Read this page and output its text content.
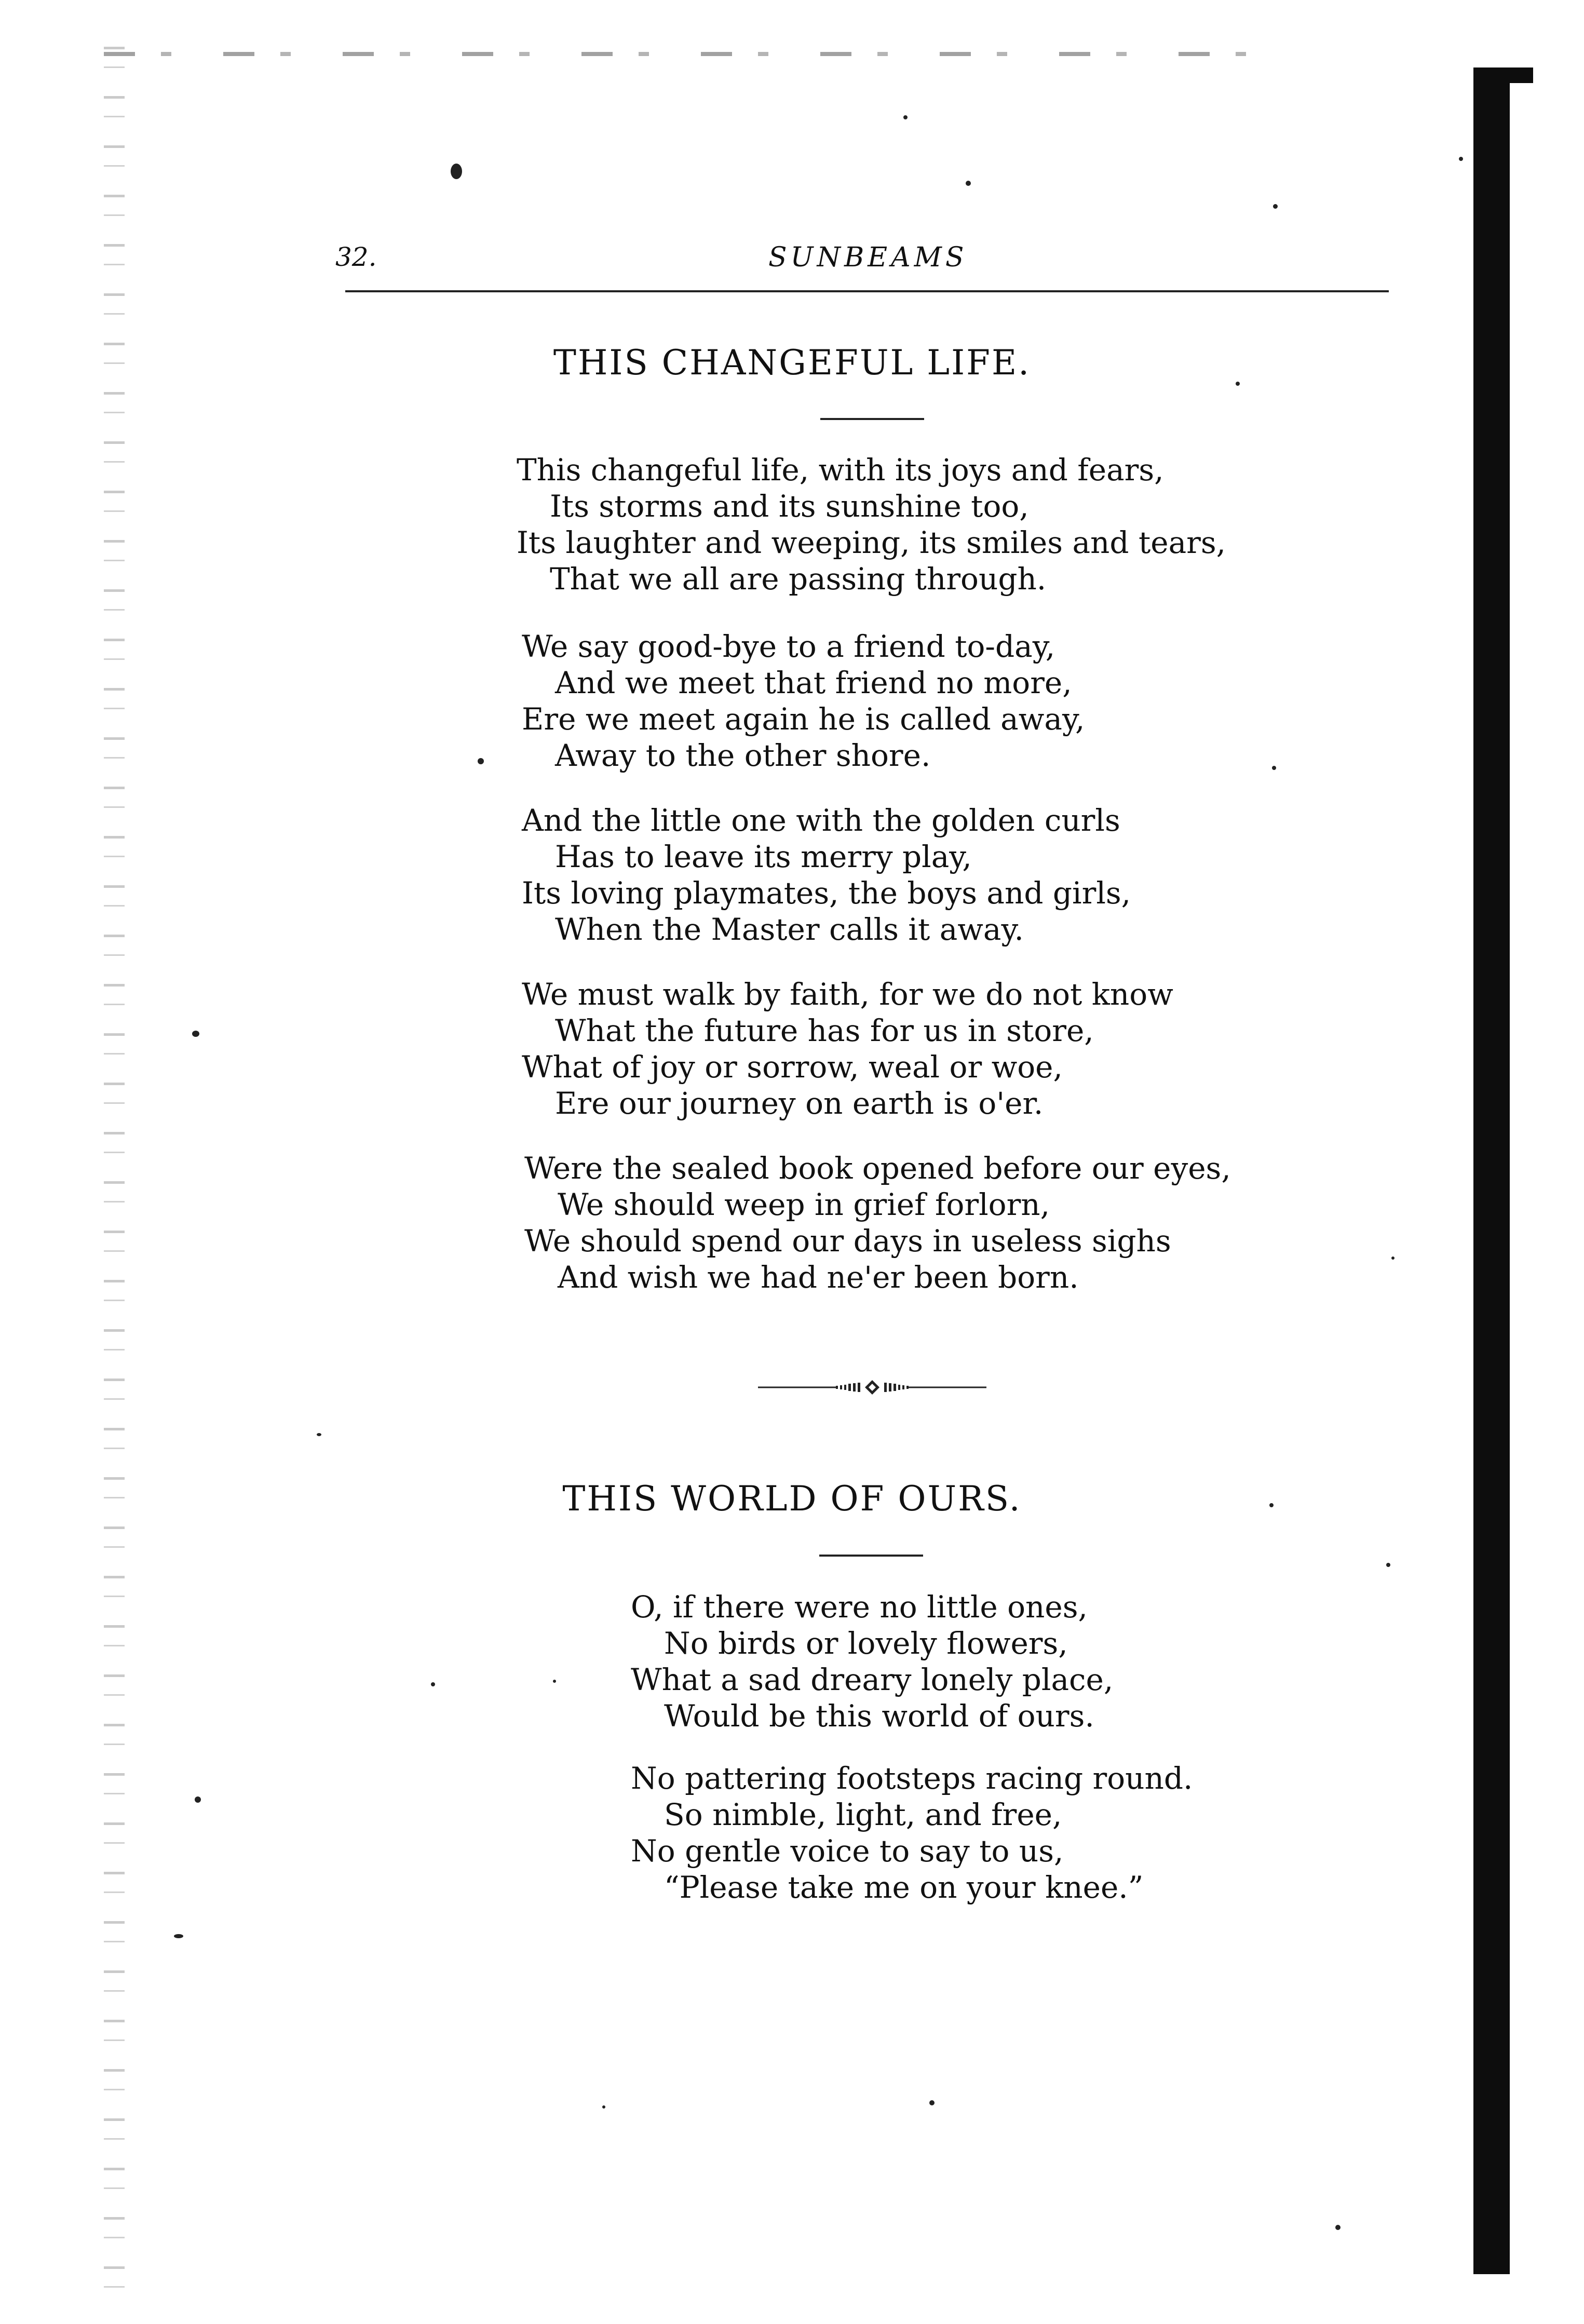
32.	SUNBEAMS
THIS CHANGEFUL LIFE.
This changeful life, with its joys and fears,
Its storms and its sunshine too,
Its laughter and weeping, its smiles and tears,
That we all are passing through.
We say good-bye to a friend to-day,
And we meet that friend no more,
Ere we meet again he is called away,
Away to the other shore.
And the little one with the golden curls
Has to leave its merry play,
Its loving playmates, the boys and girls,
When the Master calls it away.
We must walk by faith, for we do not know
What the future has for us in store,
What of joy or sorrow, weal or woe,
Ere our journey on earth is o'er.
Were the sealed book opened before our eyes,
We should weep in grief forlorn,
We should spend our days in useless sighs
And wish we had ne'er been born.
THIS WORLD OF OURS.
O, if there were no little ones,
No birds or lovely flowers,
What a sad dreary lonely place,
Would be this world of ours.
No pattering footsteps racing round.
So nimble, light, and free,
No gentle voice to say to us,
“Please take me on your knee.”
